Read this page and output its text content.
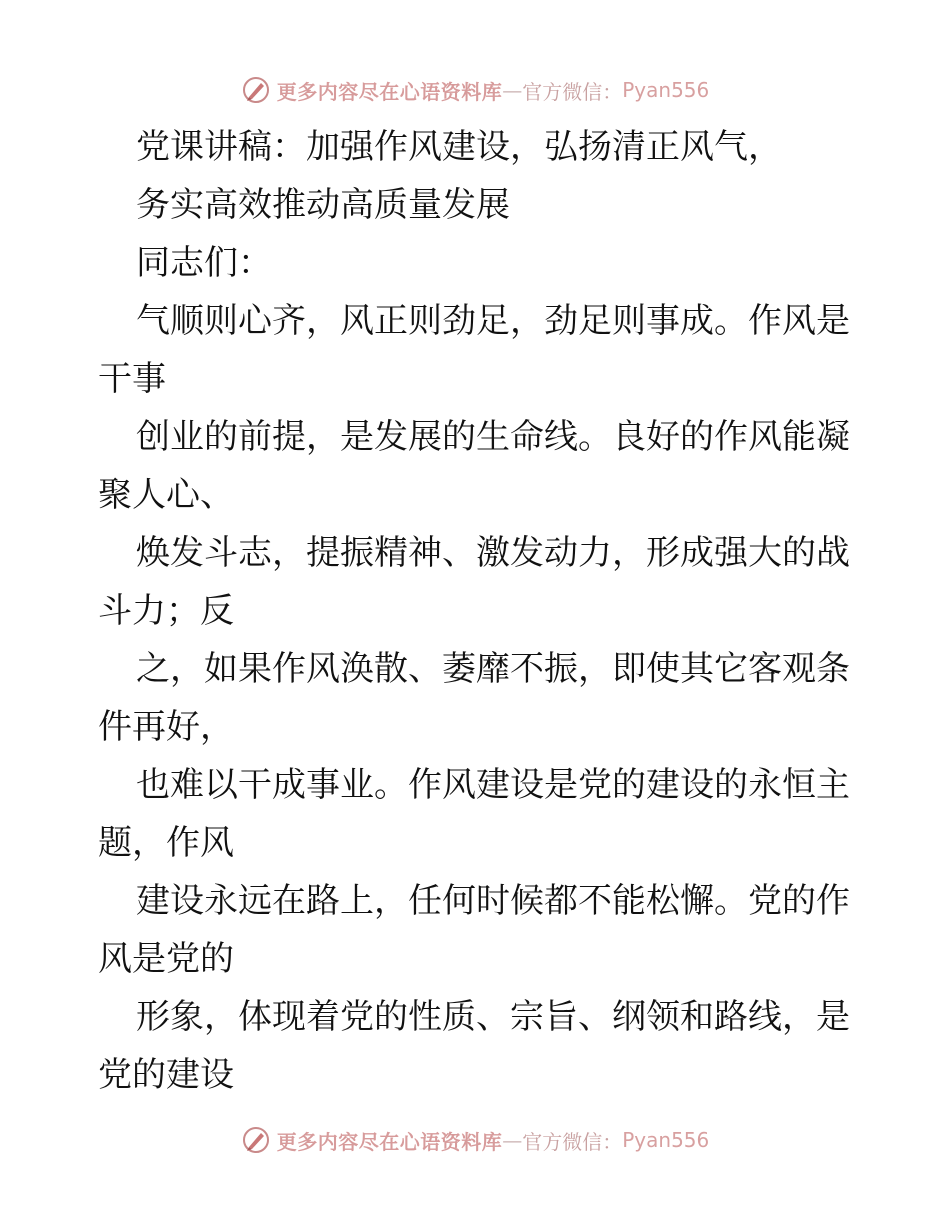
更多内容尽在心语资料库 — 官方微信： Pyan556
党课讲稿：加强作风建设，弘扬清正风气，
务实高效推动高质量发展
同志们：
气顺则心齐，风正则劲足，劲足则事成。作风是
干事
创业的前提，是发展的生命线。良好的作风能凝
聚人心、
焕发斗志，提振精神、激发动力，形成强大的战
斗力；反
之，如果作风涣散、萎靡不振，即使其它客观条
件再好，
也难以干成事业。作风建设是党的建设的永恒主
题，作风
建设永远在路上，任何时候都不能松懈。党的作
风是党的
形象，体现着党的性质、宗旨、纲领和路线，是
党的建设
更多内容尽在心语资料库 — 官方微信： Pyan556
